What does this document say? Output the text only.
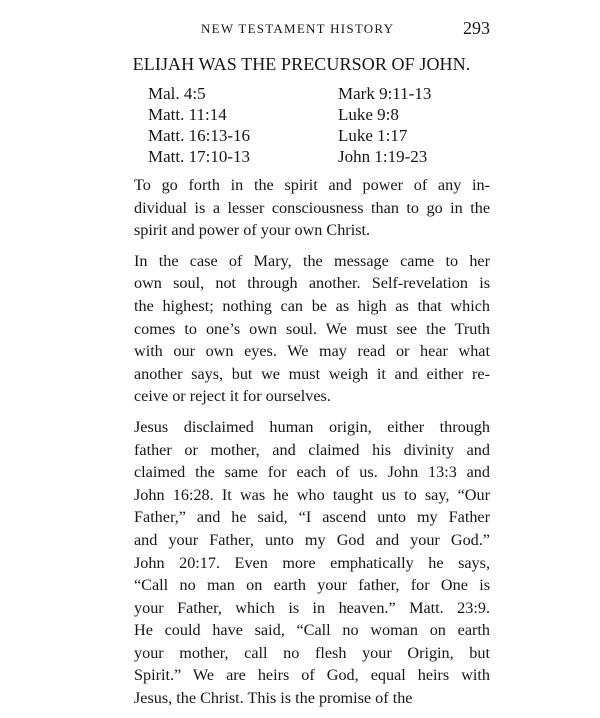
NEW TESTAMENT HISTORY	293
ELIJAH WAS THE PRECURSOR OF JOHN.
Mal. 4:5	Mark 9:11-13
Matt. 11:14	Luke 9:8
Matt. 16:13-16	Luke 1:17
Matt. 17:10-13	John 1:19-23

To go forth in the spirit and power of any in-
dividual is a lesser consciousness than to go in the
spirit and power of your own Christ.

In the case of Mary, the message came to her
own soul, not through another. Self-revelation is
the highest; nothing can be as high as that which
comes to one’s own soul. We must see the Truth
with our own eyes. We may read or hear what
another says, but we must weigh it and either re-
ceive or reject it for ourselves.

Jesus disclaimed human origin, either through
father or mother, and claimed his divinity and
claimed the same for each of us. John 13:3 and
John 16:28. It was he who taught us to say, “Our
Father,” and he said, “I ascend unto my Father
and your Father, unto my God and your God.”
John 20:17. Even more emphatically he says,
“Call no man on earth your father, for One is
your Father, which is in heaven.” Matt. 23:9.
He could have said, “Call no woman on earth
your mother, call no flesh your Origin, but
Spirit.” We are heirs of God, equal heirs with
Jesus, the Christ. This is the promise of the
